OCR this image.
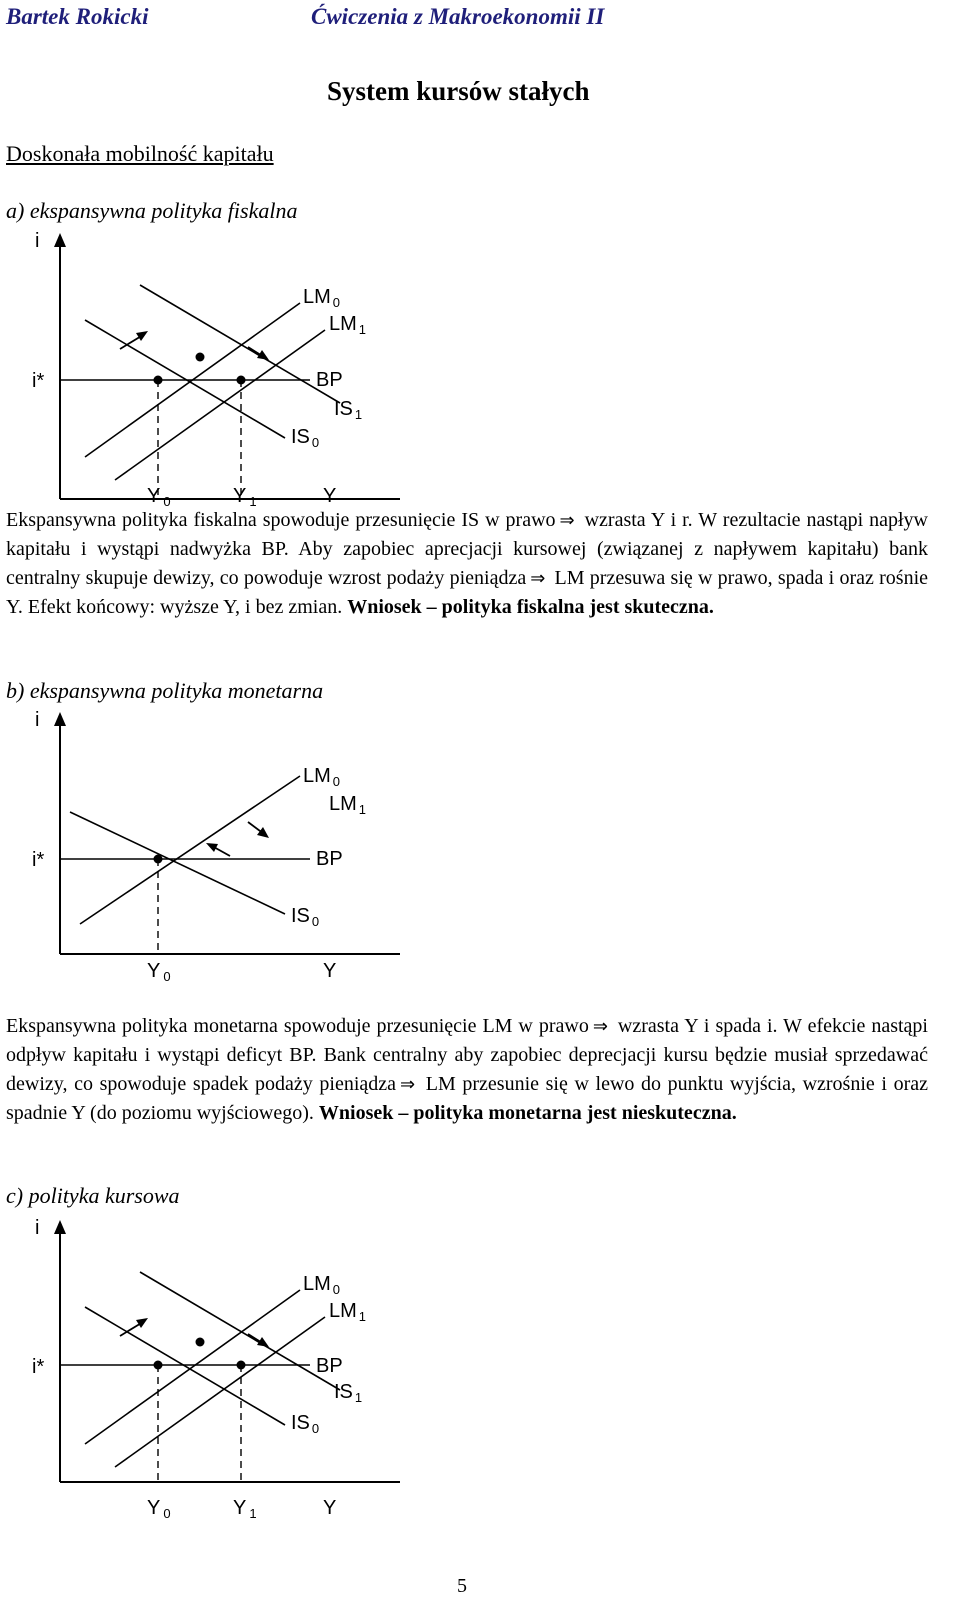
Bartek Rokicki	Ćwiczenia z Makroekonomii II
System kursów stałych
Doskonała mobilność kapitału
a) ekspansywna polityka fiskalna
i
i*
LM $_0$
LM $_1$
BP
IS $_1$
IS $_0$
Y $_0$	Y $_1$	Y
Ekspansywna polityka fiskalna spowoduje przesunięcie IS w prawo ⇒ wzrasta Y i r. W rezultacie nastąpi napływ kapitału i wystąpi nadwyżka BP. Aby zapobiec aprecjacji kursowej (związanej z napływem kapitału) bank centralny skupuje dewizy, co powoduje wzrost podaży pieniądza ⇒ LM przesuwa się w prawo, spada i oraz rośnie Y. Efekt końcowy: wyższe Y, i bez zmian. Wniosek – polityka fiskalna jest skuteczna.
b) ekspansywna polityka monetarna
i
i*
LM $_0$
LM $_1$
BP
IS $_0$
Y $_0$	Y
Ekspansywna polityka monetarna spowoduje przesunięcie LM w prawo ⇒ wzrasta Y i spada i. W efekcie nastąpi odpływ kapitału i wystąpi deficyt BP. Bank centralny aby zapobiec deprecjacji kursu będzie musiał sprzedawać dewizy, co spowoduje spadek podaży pieniądza ⇒ LM przesunie się w lewo do punktu wyjścia, wzrośnie i oraz spadnie Y (do poziomu wyjściowego). Wniosek – polityka monetarna jest nieskuteczna.
c) polityka kursowa
i
i*
LM $_0$
LM $_1$
BP
IS $_1$
IS $_0$
Y $_0$	Y $_1$	Y
5
